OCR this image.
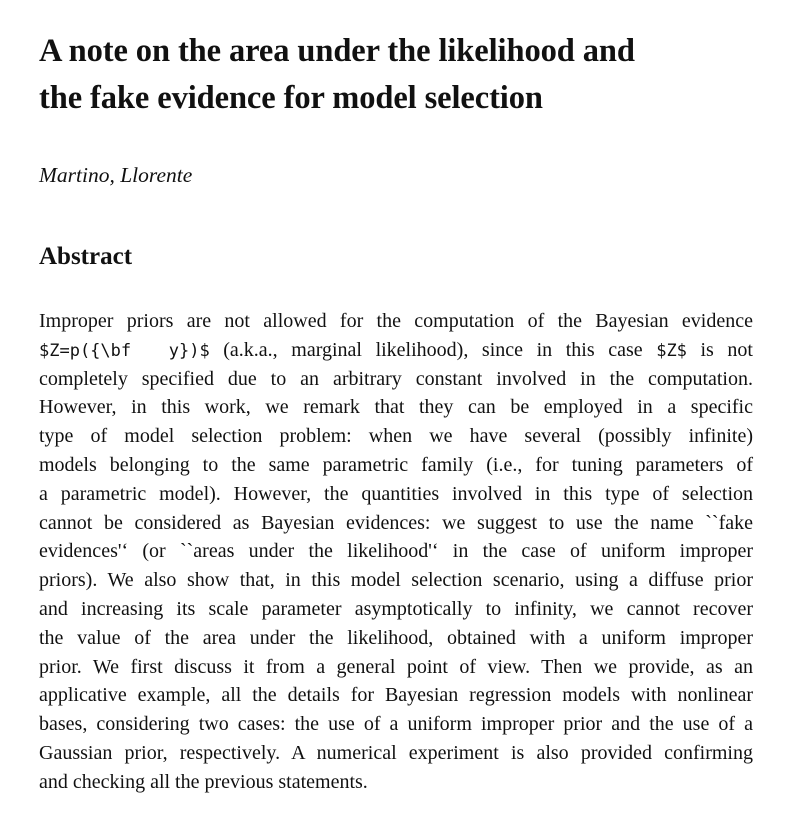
A note on the area under the likelihood and
the fake evidence for model selection
Martino, Llorente
Abstract
Improper priors are not allowed for the computation of the Bayesian evidence
$Z=p({\bf  y})$ (a.k.a., marginal likelihood), since in this case $Z$ is not
completely specified due to an arbitrary constant involved in the computation.
However, in this work, we remark that they can be employed in a specific
type of model selection problem: when we have several (possibly infinite)
models belonging to the same parametric family (i.e., for tuning parameters of
a parametric model). However, the quantities involved in this type of selection
cannot be considered as Bayesian evidences: we suggest to use the name ``fake
evidences'‘ (or ``areas under the likelihood'‘ in the case of uniform improper
priors). We also show that, in this model selection scenario, using a diffuse prior
and increasing its scale parameter asymptotically to infinity, we cannot recover
the value of the area under the likelihood, obtained with a uniform improper
prior. We first discuss it from a general point of view. Then we provide, as an
applicative example, all the details for Bayesian regression models with nonlinear
bases, considering two cases: the use of a uniform improper prior and the use of a
Gaussian prior, respectively. A numerical experiment is also provided confirming
and checking all the previous statements.
